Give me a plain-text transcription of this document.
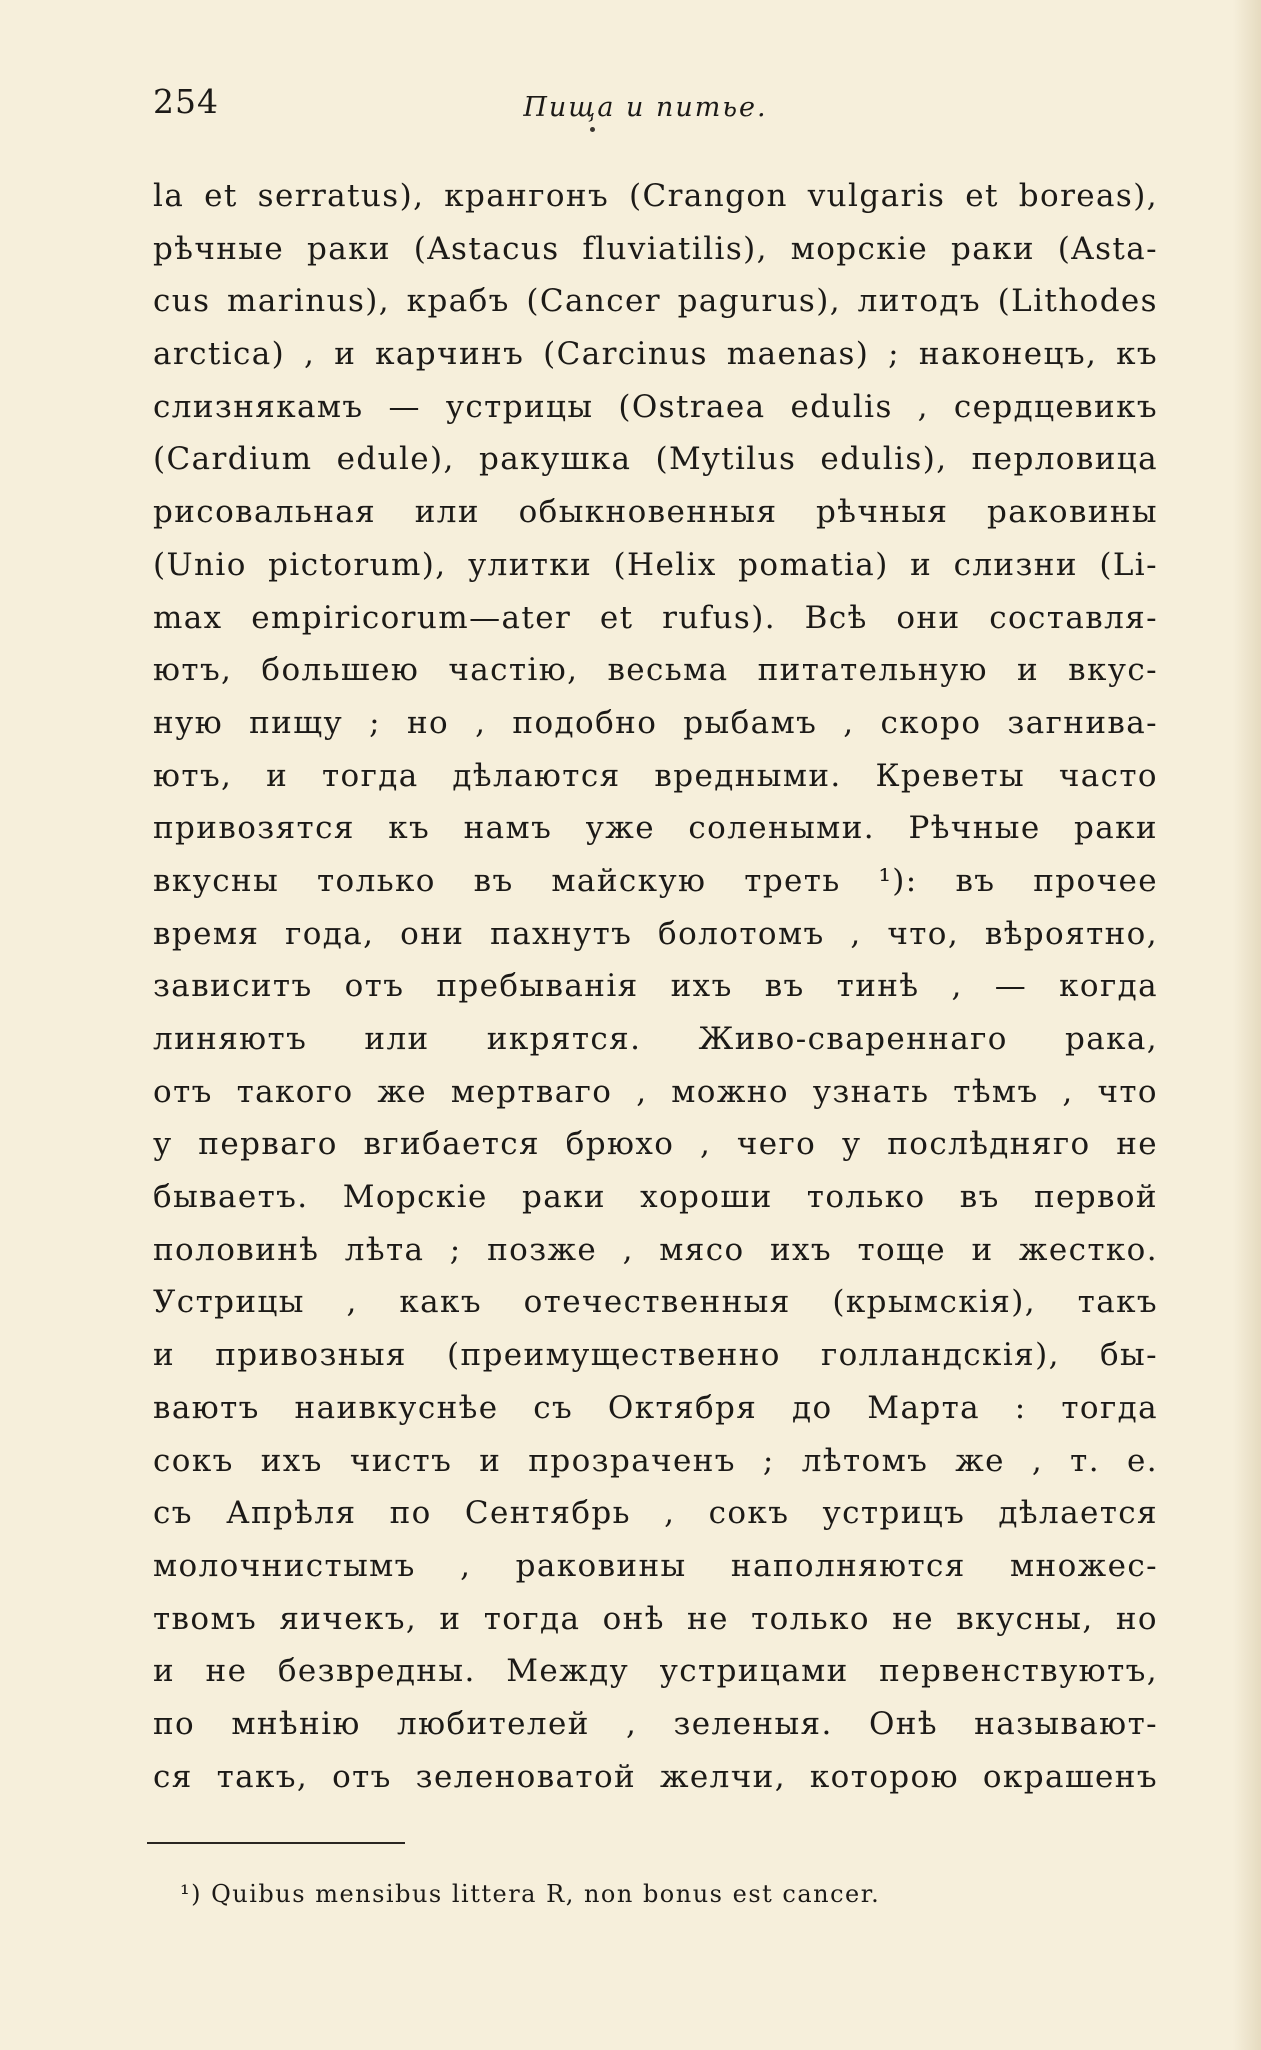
254	Пища и питье.
la et serratus), крангонъ (Crangon vulgaris et boreas),
рѣчные раки (Astacus fluviatilis), морскіе раки (Asta-
cus marinus), крабъ (Cancer pagurus), литодъ (Lithodes
arctica) , и карчинъ (Carcinus maenas) ; наконецъ, къ
слизнякамъ — устрицы (Ostraea edulis , сердцевикъ
(Cardium edule), ракушка (Mytilus edulis), перловица
рисовальная или обыкновенныя рѣчныя раковины
(Unio pictorum), улитки (Helix pomatia) и слизни (Li-
max empiricorum—ater et rufus). Всѣ они составля-
ютъ, большею частію, весьма питательную и вкус-
ную пищу ; но , подобно рыбамъ , скоро загнива-
ютъ, и тогда дѣлаются вредными. Креветы часто
привозятся къ намъ уже солеными. Рѣчные раки
вкусны только въ майскую треть ¹): въ прочее
время года, они пахнутъ болотомъ , что, вѣроятно,
зависитъ отъ пребыванія ихъ въ тинѣ , — когда
линяютъ или икрятся. Живо-свареннаго рака,
отъ такого же мертваго , можно узнать тѣмъ , что
у перваго вгибается брюхо , чего у послѣдняго не
бываетъ. Морскіе раки хороши только въ первой
половинѣ лѣта ; позже , мясо ихъ тоще и жестко.
Устрицы , какъ отечественныя (крымскія), такъ
и привозныя (преимущественно голландскія), бы-
ваютъ наивкуснѣе съ Октября до Марта : тогда
сокъ ихъ чистъ и прозраченъ ; лѣтомъ же , т. е.
съ Апрѣля по Сентябрь , сокъ устрицъ дѣлается
молочнистымъ , раковины наполняются множес-
твомъ яичекъ, и тогда онѣ не только не вкусны, но
и не безвредны. Между устрицами первенствуютъ,
по мнѣнію любителей , зеленыя. Онѣ называют-
ся такъ, отъ зеленоватой желчи, которою окрашенъ
¹) Quibus mensibus littera R, non bonus est cancer.
